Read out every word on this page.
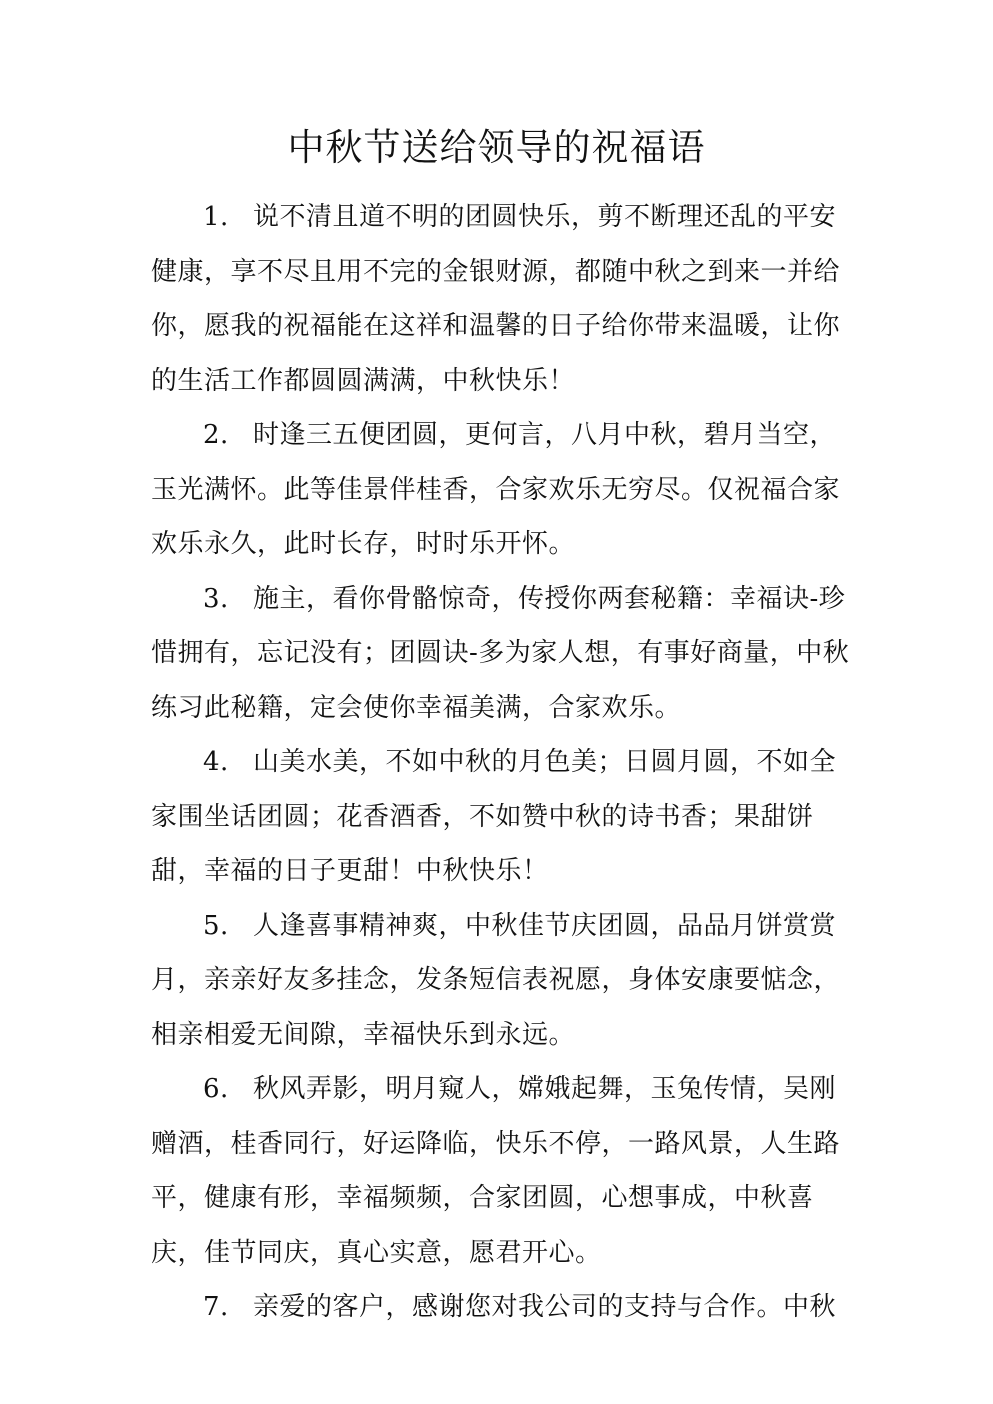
中秋节送给领导的祝福语

1. 说不清且道不明的团圆快乐，剪不断理还乱的平安健康，享不尽且用不完的金银财源，都随中秋之到来一并给你，愿我的祝福能在这祥和温馨的日子给你带来温暖，让你的生活工作都圆圆满满，中秋快乐！

2. 时逢三五便团圆，更何言，八月中秋，碧月当空，玉光满怀。此等佳景伴桂香，合家欢乐无穷尽。仅祝福合家欢乐永久，此时长存，时时乐开怀。

3. 施主，看你骨骼惊奇，传授你两套秘籍：幸福诀-珍惜拥有，忘记没有；团圆诀-多为家人想，有事好商量，中秋练习此秘籍，定会使你幸福美满，合家欢乐。

4. 山美水美，不如中秋的月色美；日圆月圆，不如全家围坐话团圆；花香酒香，不如赞中秋的诗书香；果甜饼甜，幸福的日子更甜！中秋快乐！

5. 人逢喜事精神爽，中秋佳节庆团圆，品品月饼赏赏月，亲亲好友多挂念，发条短信表祝愿，身体安康要惦念，相亲相爱无间隙，幸福快乐到永远。

6. 秋风弄影，明月窥人，嫦娥起舞，玉兔传情，吴刚赠酒，桂香同行，好运降临，快乐不停，一路风景，人生路平，健康有形，幸福频频，合家团圆，心想事成，中秋喜庆，佳节同庆，真心实意，愿君开心。

7. 亲爱的客户，感谢您对我公司的支持与合作。中秋
